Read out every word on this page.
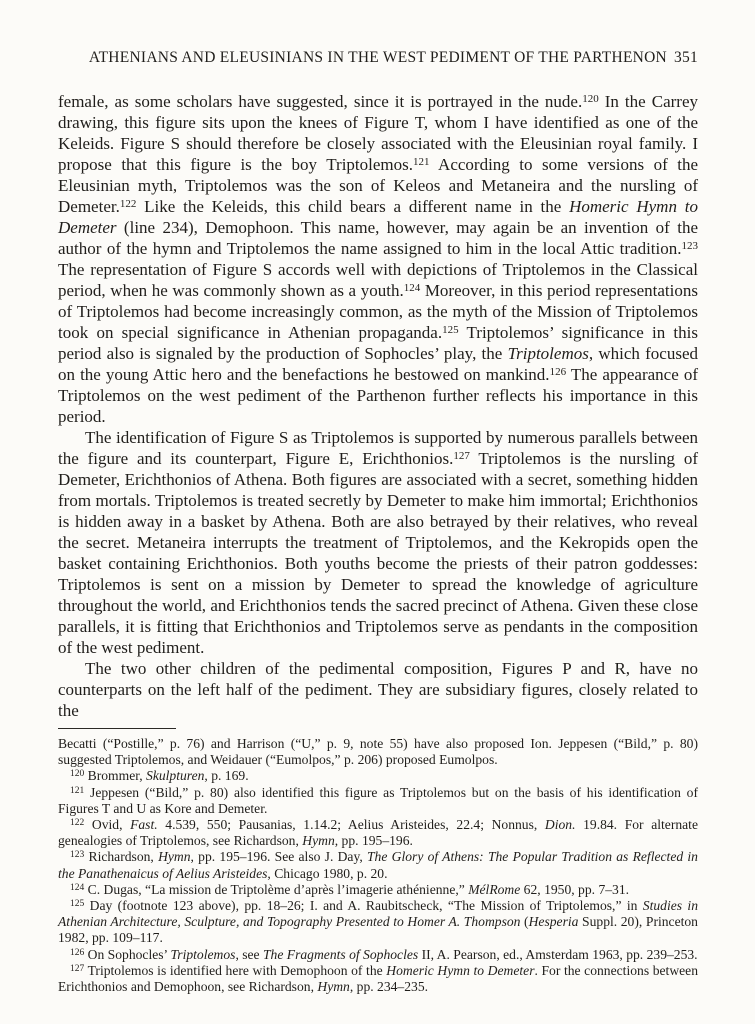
ATHENIANS AND ELEUSINIANS IN THE WEST PEDIMENT OF THE PARTHENON 351

female, as some scholars have suggested, since it is portrayed in the nude.$^{120}$ In the Carrey drawing, this figure sits upon the knees of Figure T, whom I have identified as one of the Keleids. Figure S should therefore be closely associated with the Eleusinian royal family. I propose that this figure is the boy Triptolemos.$^{121}$ According to some versions of the Eleusinian myth, Triptolemos was the son of Keleos and Metaneira and the nursling of Demeter.$^{122}$ Like the Keleids, this child bears a different name in the Homeric Hymn to Demeter (line 234), Demophoon. This name, however, may again be an invention of the author of the hymn and Triptolemos the name assigned to him in the local Attic tradition.$^{123}$ The representation of Figure S accords well with depictions of Triptolemos in the Classical period, when he was commonly shown as a youth.$^{124}$ Moreover, in this period representations of Triptolemos had become increasingly common, as the myth of the Mission of Triptolemos took on special significance in Athenian propaganda.$^{125}$ Triptolemos’ significance in this period also is signaled by the production of Sophocles’ play, the Triptolemos, which focused on the young Attic hero and the benefactions he bestowed on mankind.$^{126}$ The appearance of Triptolemos on the west pediment of the Parthenon further reflects his importance in this period.

The identification of Figure S as Triptolemos is supported by numerous parallels between the figure and its counterpart, Figure E, Erichthonios.$^{127}$ Triptolemos is the nursling of Demeter, Erichthonios of Athena. Both figures are associated with a secret, something hidden from mortals. Triptolemos is treated secretly by Demeter to make him immortal; Erichthonios is hidden away in a basket by Athena. Both are also betrayed by their relatives, who reveal the secret. Metaneira interrupts the treatment of Triptolemos, and the Kekropids open the basket containing Erichthonios. Both youths become the priests of their patron goddesses: Triptolemos is sent on a mission by Demeter to spread the knowledge of agriculture throughout the world, and Erichthonios tends the sacred precinct of Athena. Given these close parallels, it is fitting that Erichthonios and Triptolemos serve as pendants in the composition of the west pediment.

The two other children of the pedimental composition, Figures P and R, have no counterparts on the left half of the pediment. They are subsidiary figures, closely related to the

Becatti (“Postille,” p. 76) and Harrison (“U,” p. 9, note 55) have also proposed Ion. Jeppesen (“Bild,” p. 80) suggested Triptolemos, and Weidauer (“Eumolpos,” p. 206) proposed Eumolpos.

$^{120}$ Brommer, Skulpturen, p. 169.

$^{121}$ Jeppesen (“Bild,” p. 80) also identified this figure as Triptolemos but on the basis of his identification of Figures T and U as Kore and Demeter.

$^{122}$ Ovid, Fast. 4.539, 550; Pausanias, 1.14.2; Aelius Aristeides, 22.4; Nonnus, Dion. 19.84. For alternate genealogies of Triptolemos, see Richardson, Hymn, pp. 195–196.

$^{123}$ Richardson, Hymn, pp. 195–196. See also J. Day, The Glory of Athens: The Popular Tradition as Reflected in the Panathenaicus of Aelius Aristeides, Chicago 1980, p. 20.

$^{124}$ C. Dugas, “La mission de Triptolème d’après l’imagerie athénienne,” MélRome 62, 1950, pp. 7–31.

$^{125}$ Day (footnote 123 above), pp. 18–26; I. and A. Raubitscheck, “The Mission of Triptolemos,” in Studies in Athenian Architecture, Sculpture, and Topography Presented to Homer A. Thompson (Hesperia Suppl. 20), Princeton 1982, pp. 109–117.

$^{126}$ On Sophocles’ Triptolemos, see The Fragments of Sophocles II, A. Pearson, ed., Amsterdam 1963, pp. 239–253.

$^{127}$ Triptolemos is identified here with Demophoon of the Homeric Hymn to Demeter. For the connections between Erichthonios and Demophoon, see Richardson, Hymn, pp. 234–235.
